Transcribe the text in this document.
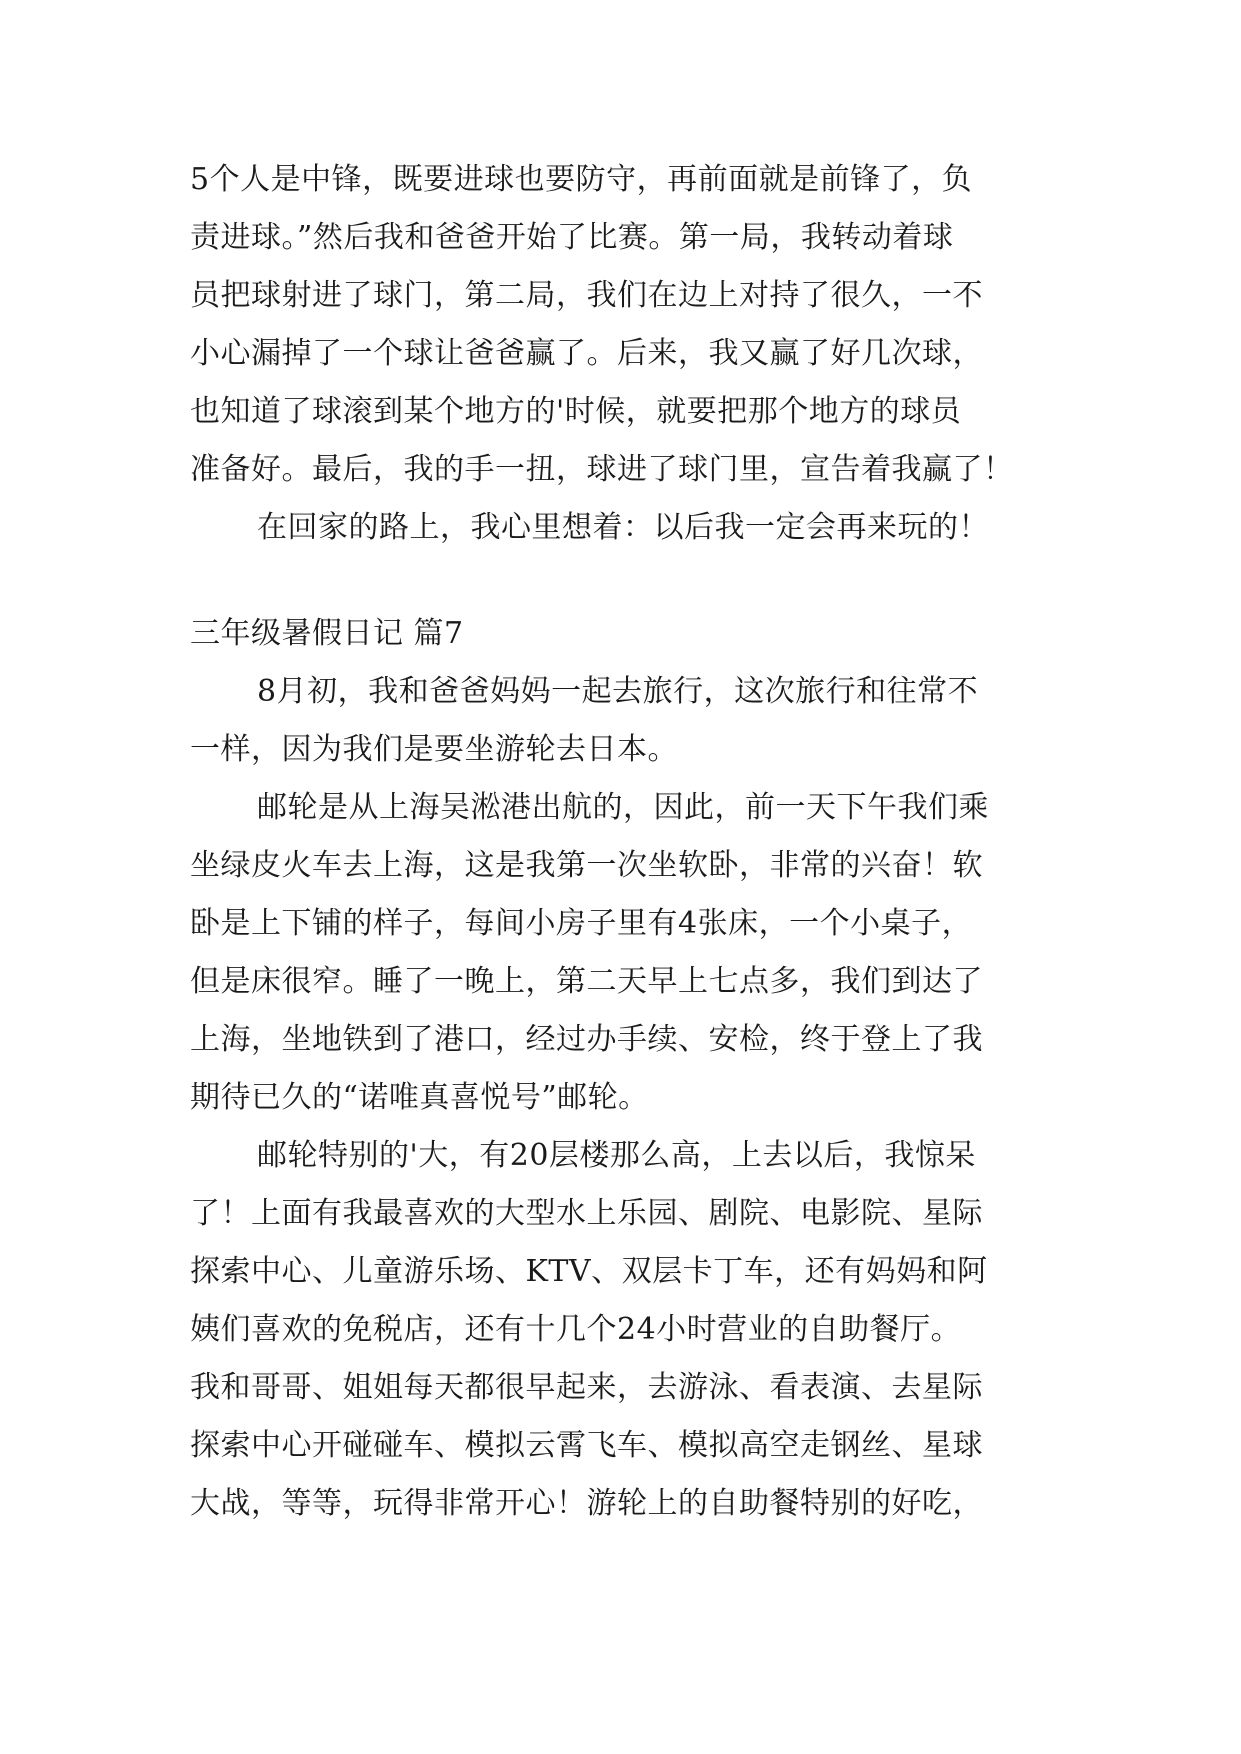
5个人是中锋，既要进球也要防守，再前面就是前锋了，负
责进球。”然后我和爸爸开始了比赛。第一局，我转动着球
员把球射进了球门，第二局，我们在边上对持了很久，一不
小心漏掉了一个球让爸爸赢了。后来，我又赢了好几次球，
也知道了球滚到某个地方的'时候，就要把那个地方的球员
准备好。最后，我的手一扭，球进了球门里，宣告着我赢了！
在回家的路上，我心里想着：以后我一定会再来玩的！
三年级暑假日记 篇7
8月初，我和爸爸妈妈一起去旅行，这次旅行和往常不
一样，因为我们是要坐游轮去日本。
邮轮是从上海吴淞港出航的，因此，前一天下午我们乘
坐绿皮火车去上海，这是我第一次坐软卧，非常的兴奋！软
卧是上下铺的样子，每间小房子里有4张床，一个小桌子，
但是床很窄。睡了一晚上，第二天早上七点多，我们到达了
上海，坐地铁到了港口，经过办手续、安检，终于登上了我
期待已久的“诺唯真喜悦号”邮轮。
邮轮特别的'大，有20层楼那么高，上去以后，我惊呆
了！上面有我最喜欢的大型水上乐园、剧院、电影院、星际
探索中心、儿童游乐场、KTV、双层卡丁车，还有妈妈和阿
姨们喜欢的免税店，还有十几个24小时营业的自助餐厅。
我和哥哥、姐姐每天都很早起来，去游泳、看表演、去星际
探索中心开碰碰车、模拟云霄飞车、模拟高空走钢丝、星球
大战，等等，玩得非常开心！游轮上的自助餐特别的好吃，
